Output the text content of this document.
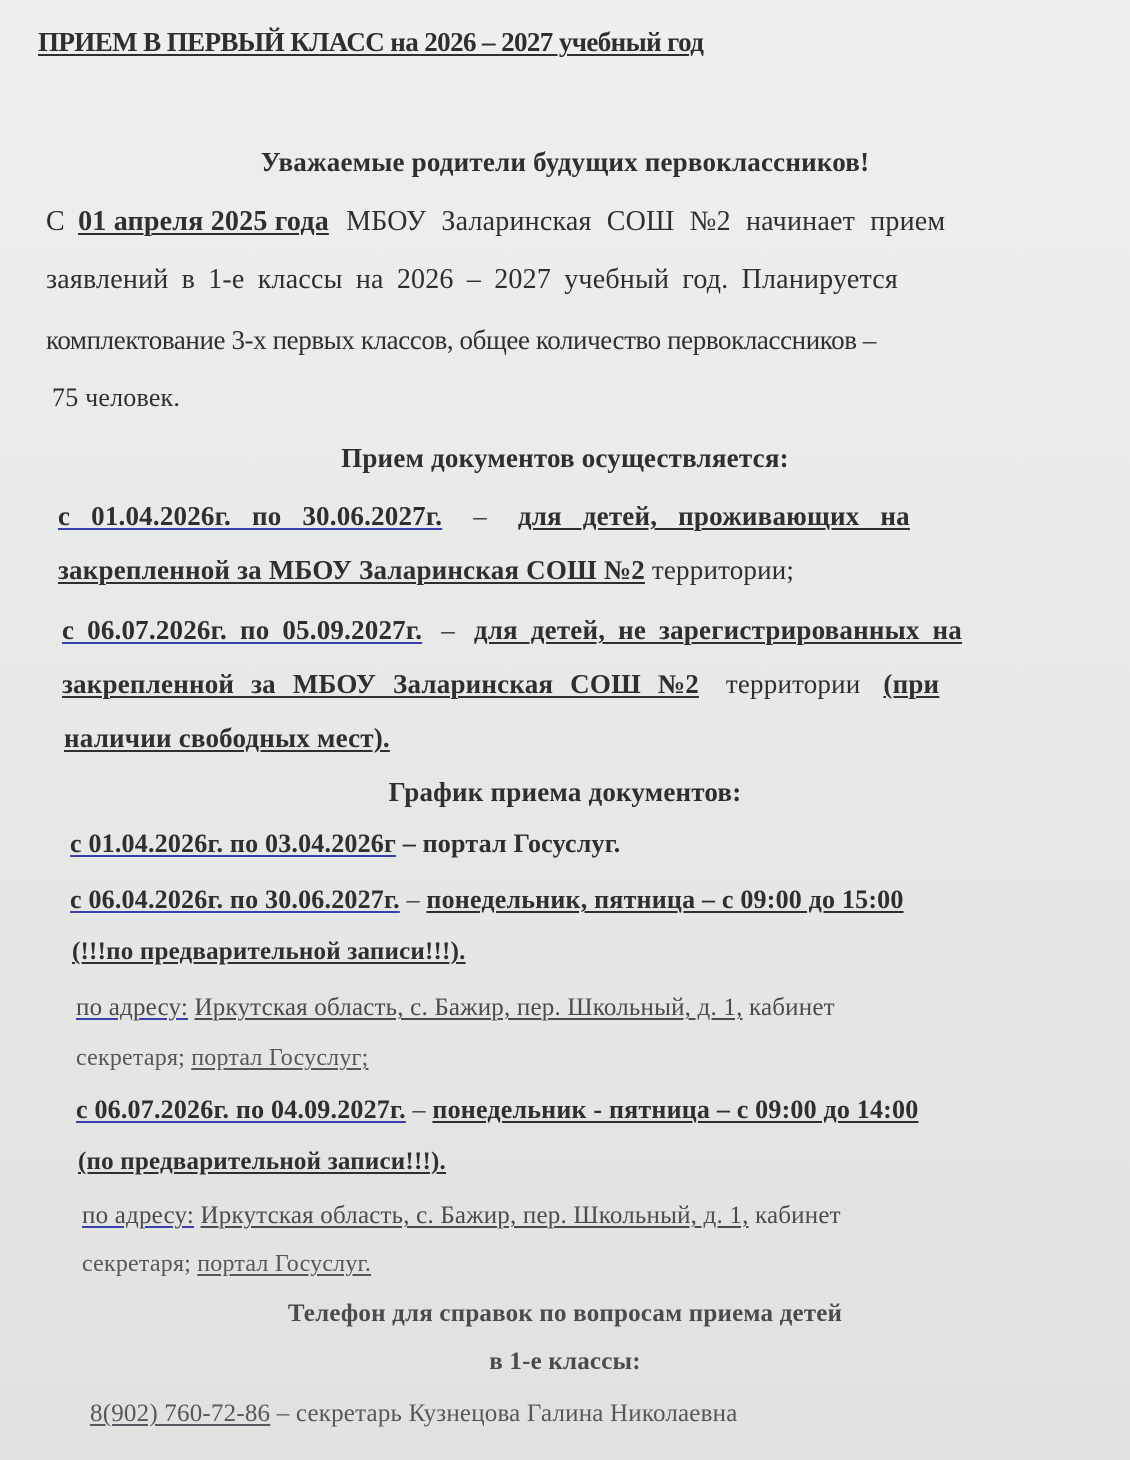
ПРИЕМ В ПЕРВЫЙ КЛАСС на 2026 – 2027 учебный год
Уважаемые родители будущих первоклассников!
С 01 апреля 2025 года МБОУ Заларинская СОШ №2 начинает прием
заявлений в 1-е классы на 2026 – 2027 учебный год. Планируется
комплектование 3-х первых классов, общее количество первоклассников –
75 человек.
Прием документов осуществляется:
с 01.04.2026г. по 30.06.2027г. – для детей, проживающих на
закрепленной за МБОУ Заларинская СОШ №2 территории;
с 06.07.2026г. по 05.09.2027г. – для детей, не зарегистрированных на
закрепленной за МБОУ Заларинская СОШ №2 территории (при
наличии свободных мест).
График приема документов:
с 01.04.2026г. по 03.04.2026г – портал Госуслуг.
с 06.04.2026г. по 30.06.2027г. – понедельник, пятница – с 09:00 до 15:00
(!!!по предварительной записи!!!).
по адресу: Иркутская область, с. Бажир, пер. Школьный, д. 1, кабинет
секретаря; портал Госуслуг;
с 06.07.2026г. по 04.09.2027г. – понедельник - пятница – с 09:00 до 14:00
(по предварительной записи!!!).
по адресу: Иркутская область, с. Бажир, пер. Школьный, д. 1, кабинет
секретаря; портал Госуслуг.
Телефон для справок по вопросам приема детей
в 1-е классы:
8(902) 760-72-86 – секретарь Кузнецова Галина Николаевна
